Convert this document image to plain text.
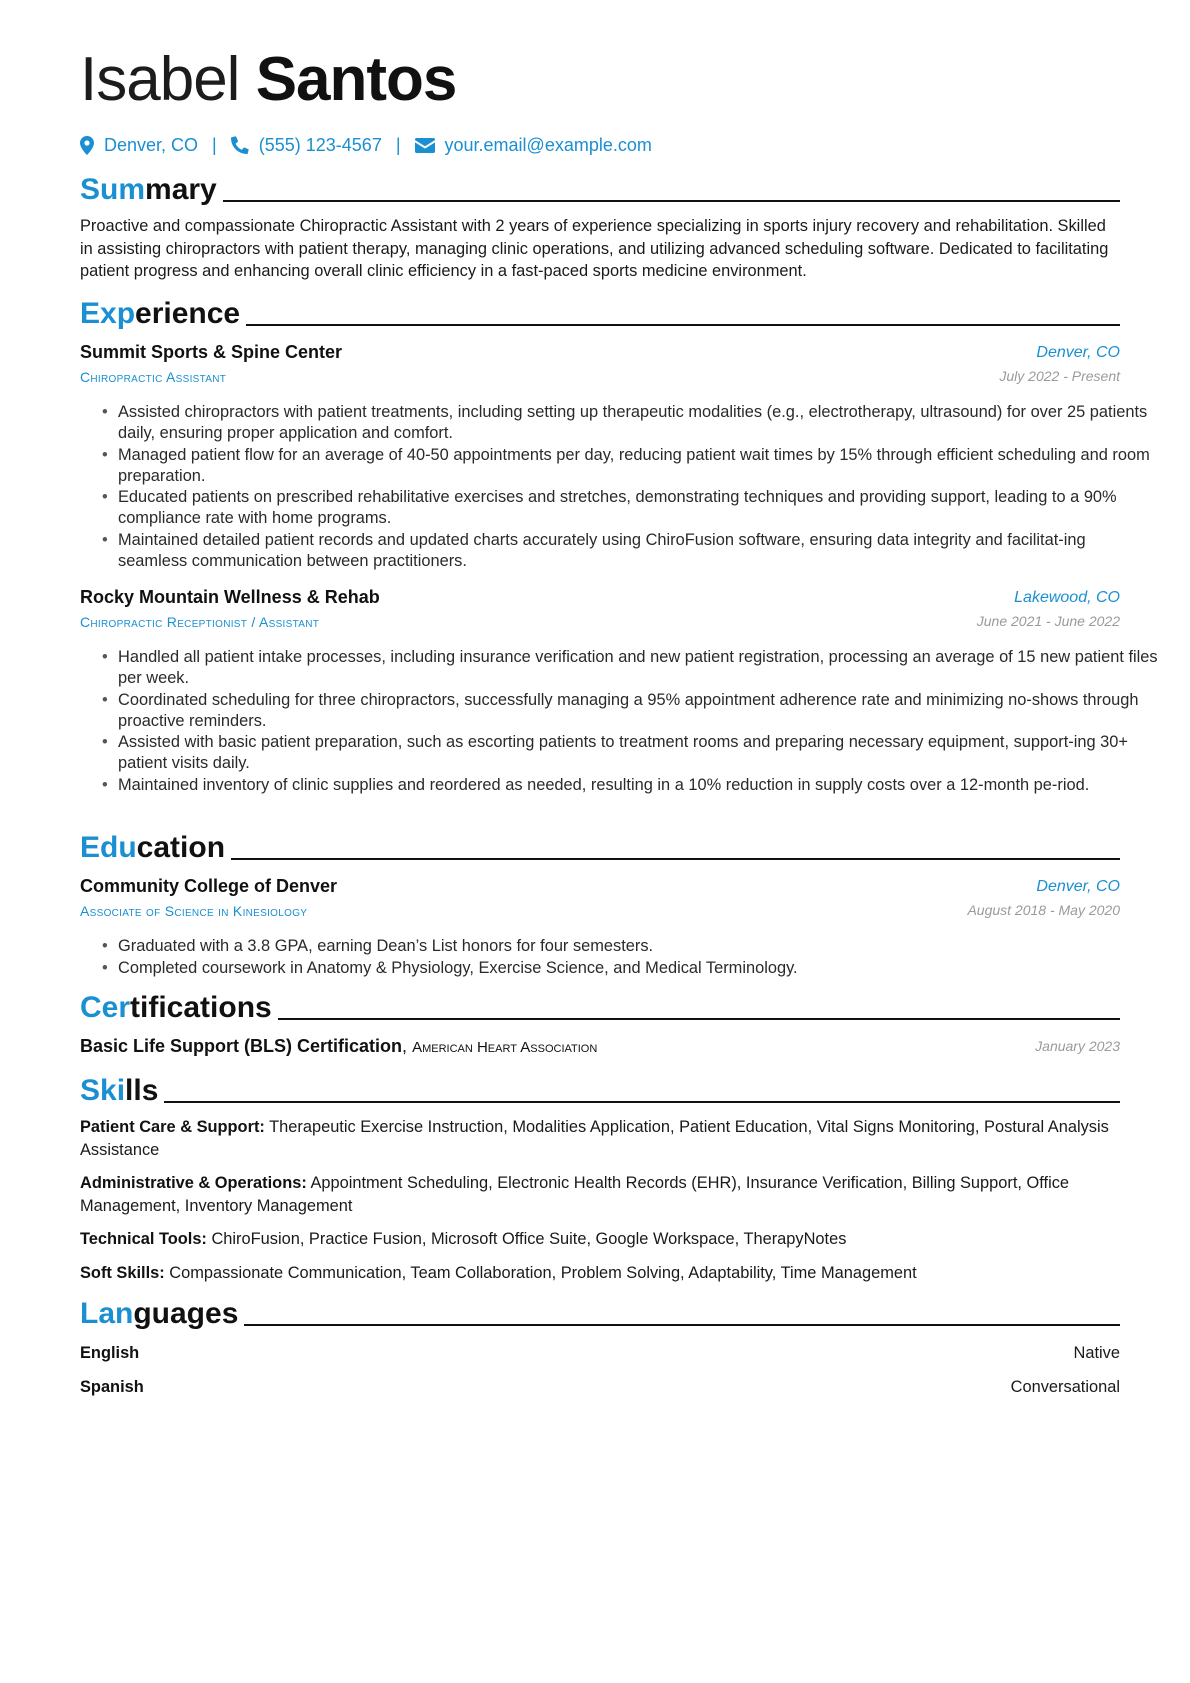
Isabel Santos
Denver, CO | (555) 123-4567 | your.email@example.com
Summary
Proactive and compassionate Chiropractic Assistant with 2 years of experience specializing in sports injury recovery and rehabilitation. Skilled in assisting chiropractors with patient therapy, managing clinic operations, and utilizing advanced scheduling software. Dedicated to facilitating patient progress and enhancing overall clinic efficiency in a fast-paced sports medicine environment.
Experience
Summit Sports & Spine Center	Denver, CO
Chiropractic Assistant	July 2022 - Present
• Assisted chiropractors with patient treatments, including setting up therapeutic modalities (e.g., electrotherapy, ultrasound) for over 25 patients daily, ensuring proper application and comfort.
• Managed patient flow for an average of 40-50 appointments per day, reducing patient wait times by 15% through efficient scheduling and room preparation.
• Educated patients on prescribed rehabilitative exercises and stretches, demonstrating techniques and providing support, leading to a 90% compliance rate with home programs.
• Maintained detailed patient records and updated charts accurately using ChiroFusion software, ensuring data integrity and facilitat-ing seamless communication between practitioners.
Rocky Mountain Wellness & Rehab	Lakewood, CO
Chiropractic Receptionist / Assistant	June 2021 - June 2022
• Handled all patient intake processes, including insurance verification and new patient registration, processing an average of 15 new patient files per week.
• Coordinated scheduling for three chiropractors, successfully managing a 95% appointment adherence rate and minimizing no-shows through proactive reminders.
• Assisted with basic patient preparation, such as escorting patients to treatment rooms and preparing necessary equipment, support-ing 30+ patient visits daily.
• Maintained inventory of clinic supplies and reordered as needed, resulting in a 10% reduction in supply costs over a 12-month pe-riod.
Education
Community College of Denver	Denver, CO
Associate of Science in Kinesiology	August 2018 - May 2020
• Graduated with a 3.8 GPA, earning Dean’s List honors for four semesters.
• Completed coursework in Anatomy & Physiology, Exercise Science, and Medical Terminology.
Certifications
Basic Life Support (BLS) Certification, American Heart Association	January 2023
Skills
Patient Care & Support: Therapeutic Exercise Instruction, Modalities Application, Patient Education, Vital Signs Monitoring, Postural Analysis Assistance
Administrative & Operations: Appointment Scheduling, Electronic Health Records (EHR), Insurance Verification, Billing Support, Office Management, Inventory Management
Technical Tools: ChiroFusion, Practice Fusion, Microsoft Office Suite, Google Workspace, TherapyNotes
Soft Skills: Compassionate Communication, Team Collaboration, Problem Solving, Adaptability, Time Management
Languages
English	Native
Spanish	Conversational
